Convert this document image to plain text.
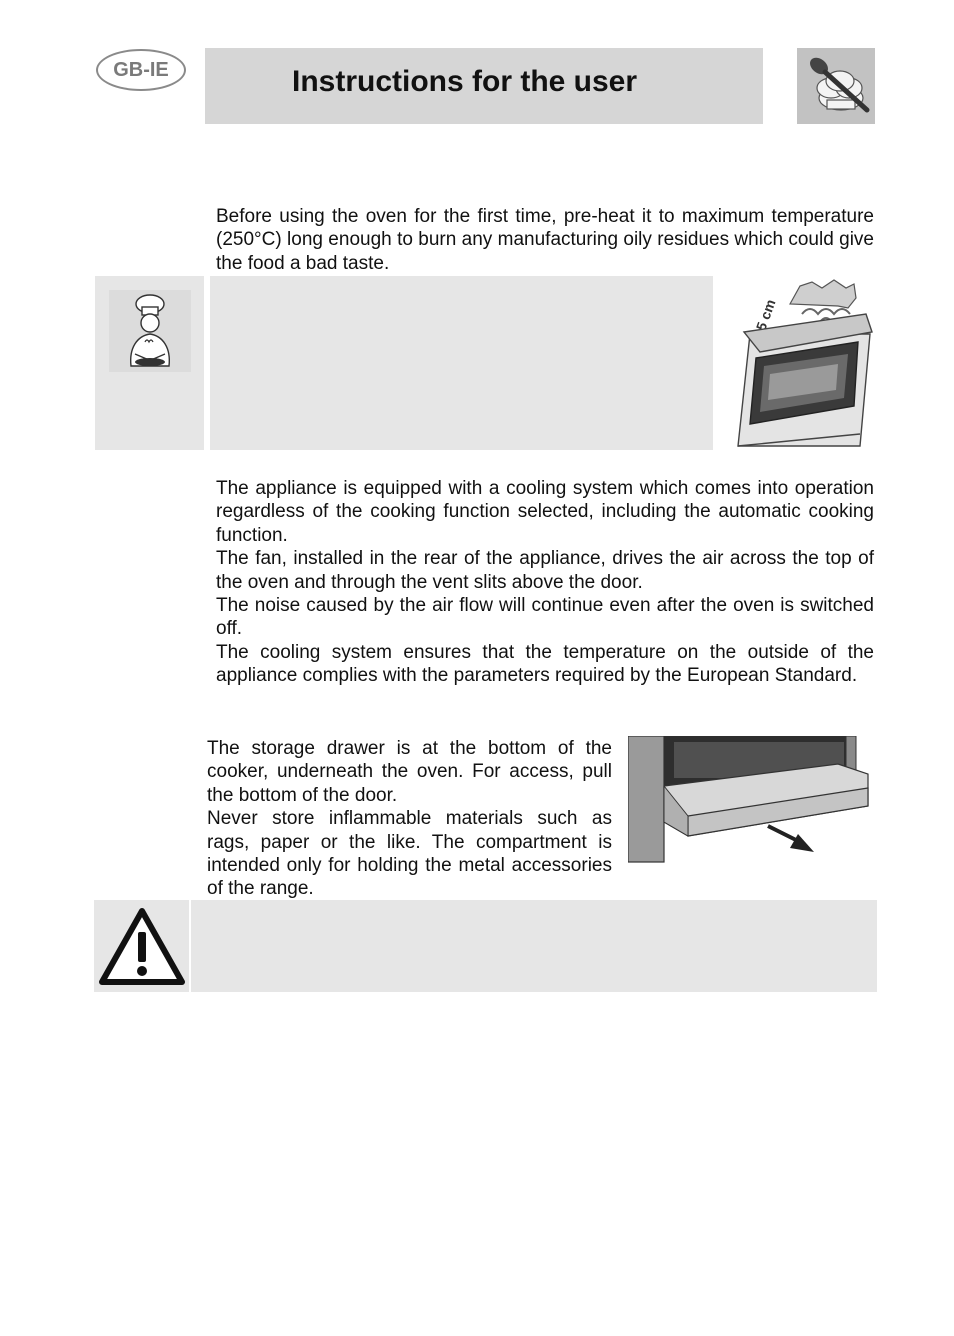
GB-IE	Instructions for the user

Before using the oven for the first time, pre-heat it to maximum temperature (250°C) long enough to burn any manufacturing oily residues which could give the food a bad taste.

5 cm

The appliance is equipped with a cooling system which comes into operation regardless of the cooking function selected, including the automatic cooking function.

The fan, installed in the rear of the appliance, drives the air across the top of the oven and through the vent slits above the door.

The noise caused by the air flow will continue even after the oven is switched off.

The cooling system ensures that the temperature on the outside of the appliance complies with the parameters required by the European Standard.

The storage drawer is at the bottom of the cooker, underneath the oven. For access, pull the bottom of the door.

Never store inflammable materials such as rags, paper or the like. The compartment is intended only for holding the metal accessories of the range.
